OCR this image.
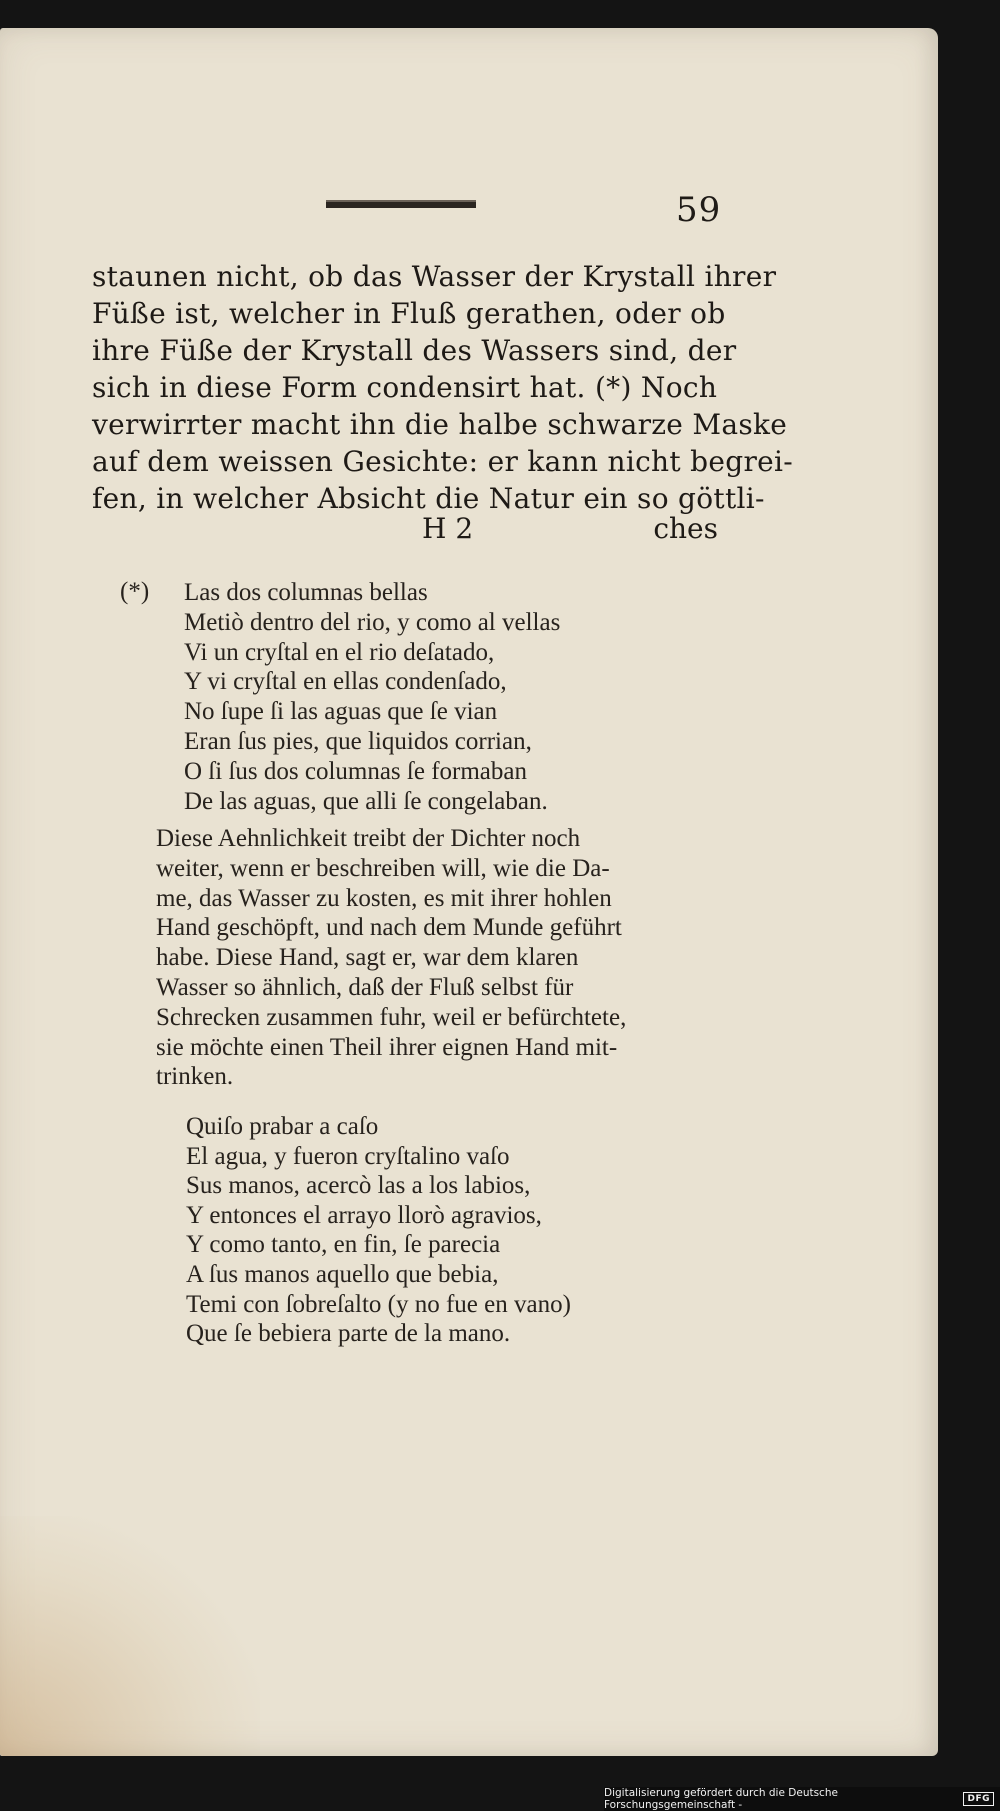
59
staunen nicht, ob das Wasser der Krystall ihrer
Füße ist, welcher in Fluß gerathen, oder ob
ihre Füße der Krystall des Wassers sind, der
sich in diese Form condensirt hat. (*) Noch
verwirrter macht ihn die halbe schwarze Maske
auf dem weissen Gesichte: er kann nicht begrei-
fen, in welcher Absicht die Natur ein so göttli-
H 2	ches
(*) Las dos columnas bellas
Metiò dentro del rio, y como al vellas
Vi un cryſtal en el rio deſatado,
Y vi cryſtal en ellas condenſado,
No ſupe ſi las aguas que ſe vian
Eran ſus pies, que liquidos corrian,
O ſi ſus dos columnas ſe formaban
De las aguas, que alli ſe congelaban.
Diese Aehnlichkeit treibt der Dichter noch
weiter, wenn er beschreiben will, wie die Da-
me, das Wasser zu kosten, es mit ihrer hohlen
Hand geschöpft, und nach dem Munde geführt
habe. Diese Hand, sagt er, war dem klaren
Wasser so ähnlich, daß der Fluß selbst für
Schrecken zusammen fuhr, weil er befürchtete,
sie möchte einen Theil ihrer eignen Hand mit-
trinken.
Quiſo prabar a caſo
El agua, y fueron cryſtalino vaſo
Sus manos, acercò las a los labios,
Y entonces el arrayo llorò agravios,
Y como tanto, en fin, ſe parecia
A ſus manos aquello que bebia,
Temi con ſobreſalto (y no fue en vano)
Que ſe bebiera parte de la mano.
Digitalisierung gefördert durch die Deutsche Forschungsgemeinschaft -	DFG
